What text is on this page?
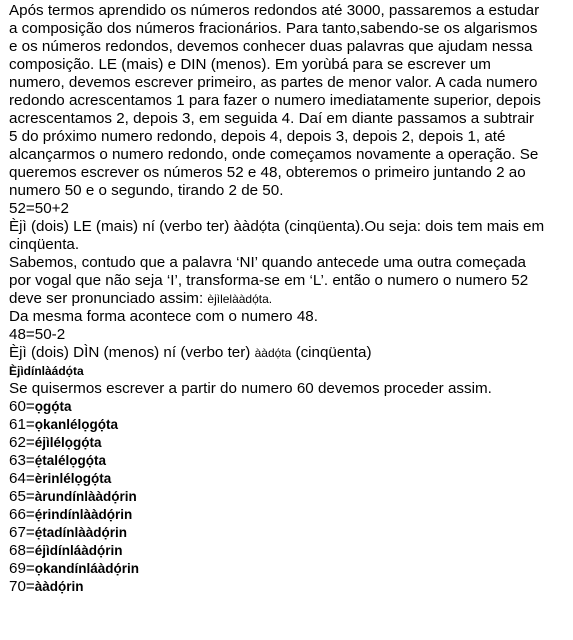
Após termos aprendido os números redondos até 3000, passaremos a estudar
a composição dos números fracionários. Para tanto,sabendo-se os algarismos
e os números redondos, devemos conhecer duas palavras que ajudam nessa
composição. LE (mais) e DIN (menos). Em yorùbá para se escrever um
numero, devemos escrever primeiro, as partes de menor valor. A cada numero
redondo acrescentamos 1 para fazer o numero imediatamente superior, depois
acrescentamos 2, depois 3, em seguida 4. Daí em diante passamos a subtrair
5 do próximo numero redondo, depois 4, depois 3, depois 2, depois 1, até
alcançarmos o numero redondo, onde começamos novamente a operação. Se
queremos escrever os números 52 e 48, obteremos o primeiro juntando 2 ao
numero 50 e o segundo, tirando 2 de 50.
52=50+2
Èjì (dois) LE (mais) ní (verbo ter) ààdọ́ta (cinqüenta).Ou seja: dois tem mais em
cinqüenta.
Sabemos, contudo que a palavra ‘NI’ quando antecede uma outra começada
por vogal que não seja ‘I’, transforma-se em ‘L’. então o numero o numero 52
deve ser pronunciado assim: èjìlelààdọ́ta.
Da mesma forma acontece com o numero 48.
48=50-2
Èjì (dois) DÌN (menos) ní (verbo ter) ààdọ́ta (cinqüenta)
Èjìdínlàádọ́ta
Se quisermos escrever a partir do numero 60 devemos proceder assim.
60=ọgọ́ta
61=ọkanlélọgọ́ta
62=éjìlélọgọ́ta
63=ẹ́talélọgọ́ta
64=èrinlélọgọ́ta
65=àrundínlààdọ́rin
66=ẹ́rindínlààdọ́rin
67=ẹ́tadínlààdọ́rin
68=éjìdínláàdọ́rin
69=ọkandínláàdọ́rin
70=ààdọ́rin
